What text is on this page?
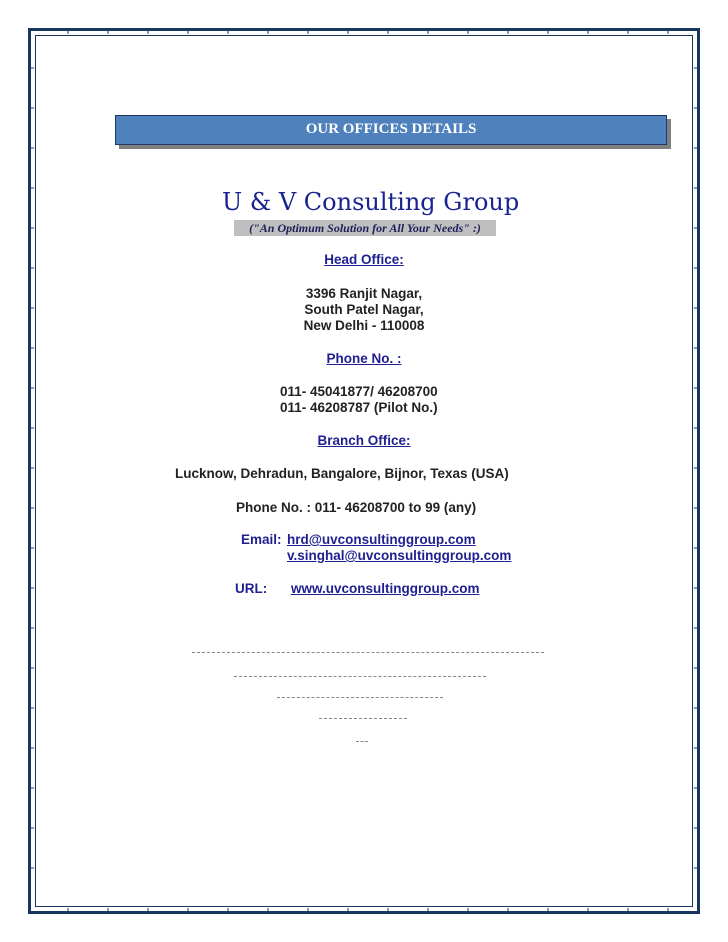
OUR OFFICES DETAILS
U & V Consulting Group
("An Optimum Solution for All Your Needs" :)
Head Office:
3396 Ranjit Nagar,
South Patel Nagar,
New Delhi - 110008
Phone No. :
011- 45041877/ 46208700
011- 46208787 (Pilot No.)
Branch Office:
Lucknow, Dehradun, Bangalore, Bijnor, Texas (USA)
Phone No. : 011- 46208700 to 99 (any)
Email: hrd@uvconsultinggroup.com
v.singhal@uvconsultinggroup.com
URL: www.uvconsultinggroup.com
